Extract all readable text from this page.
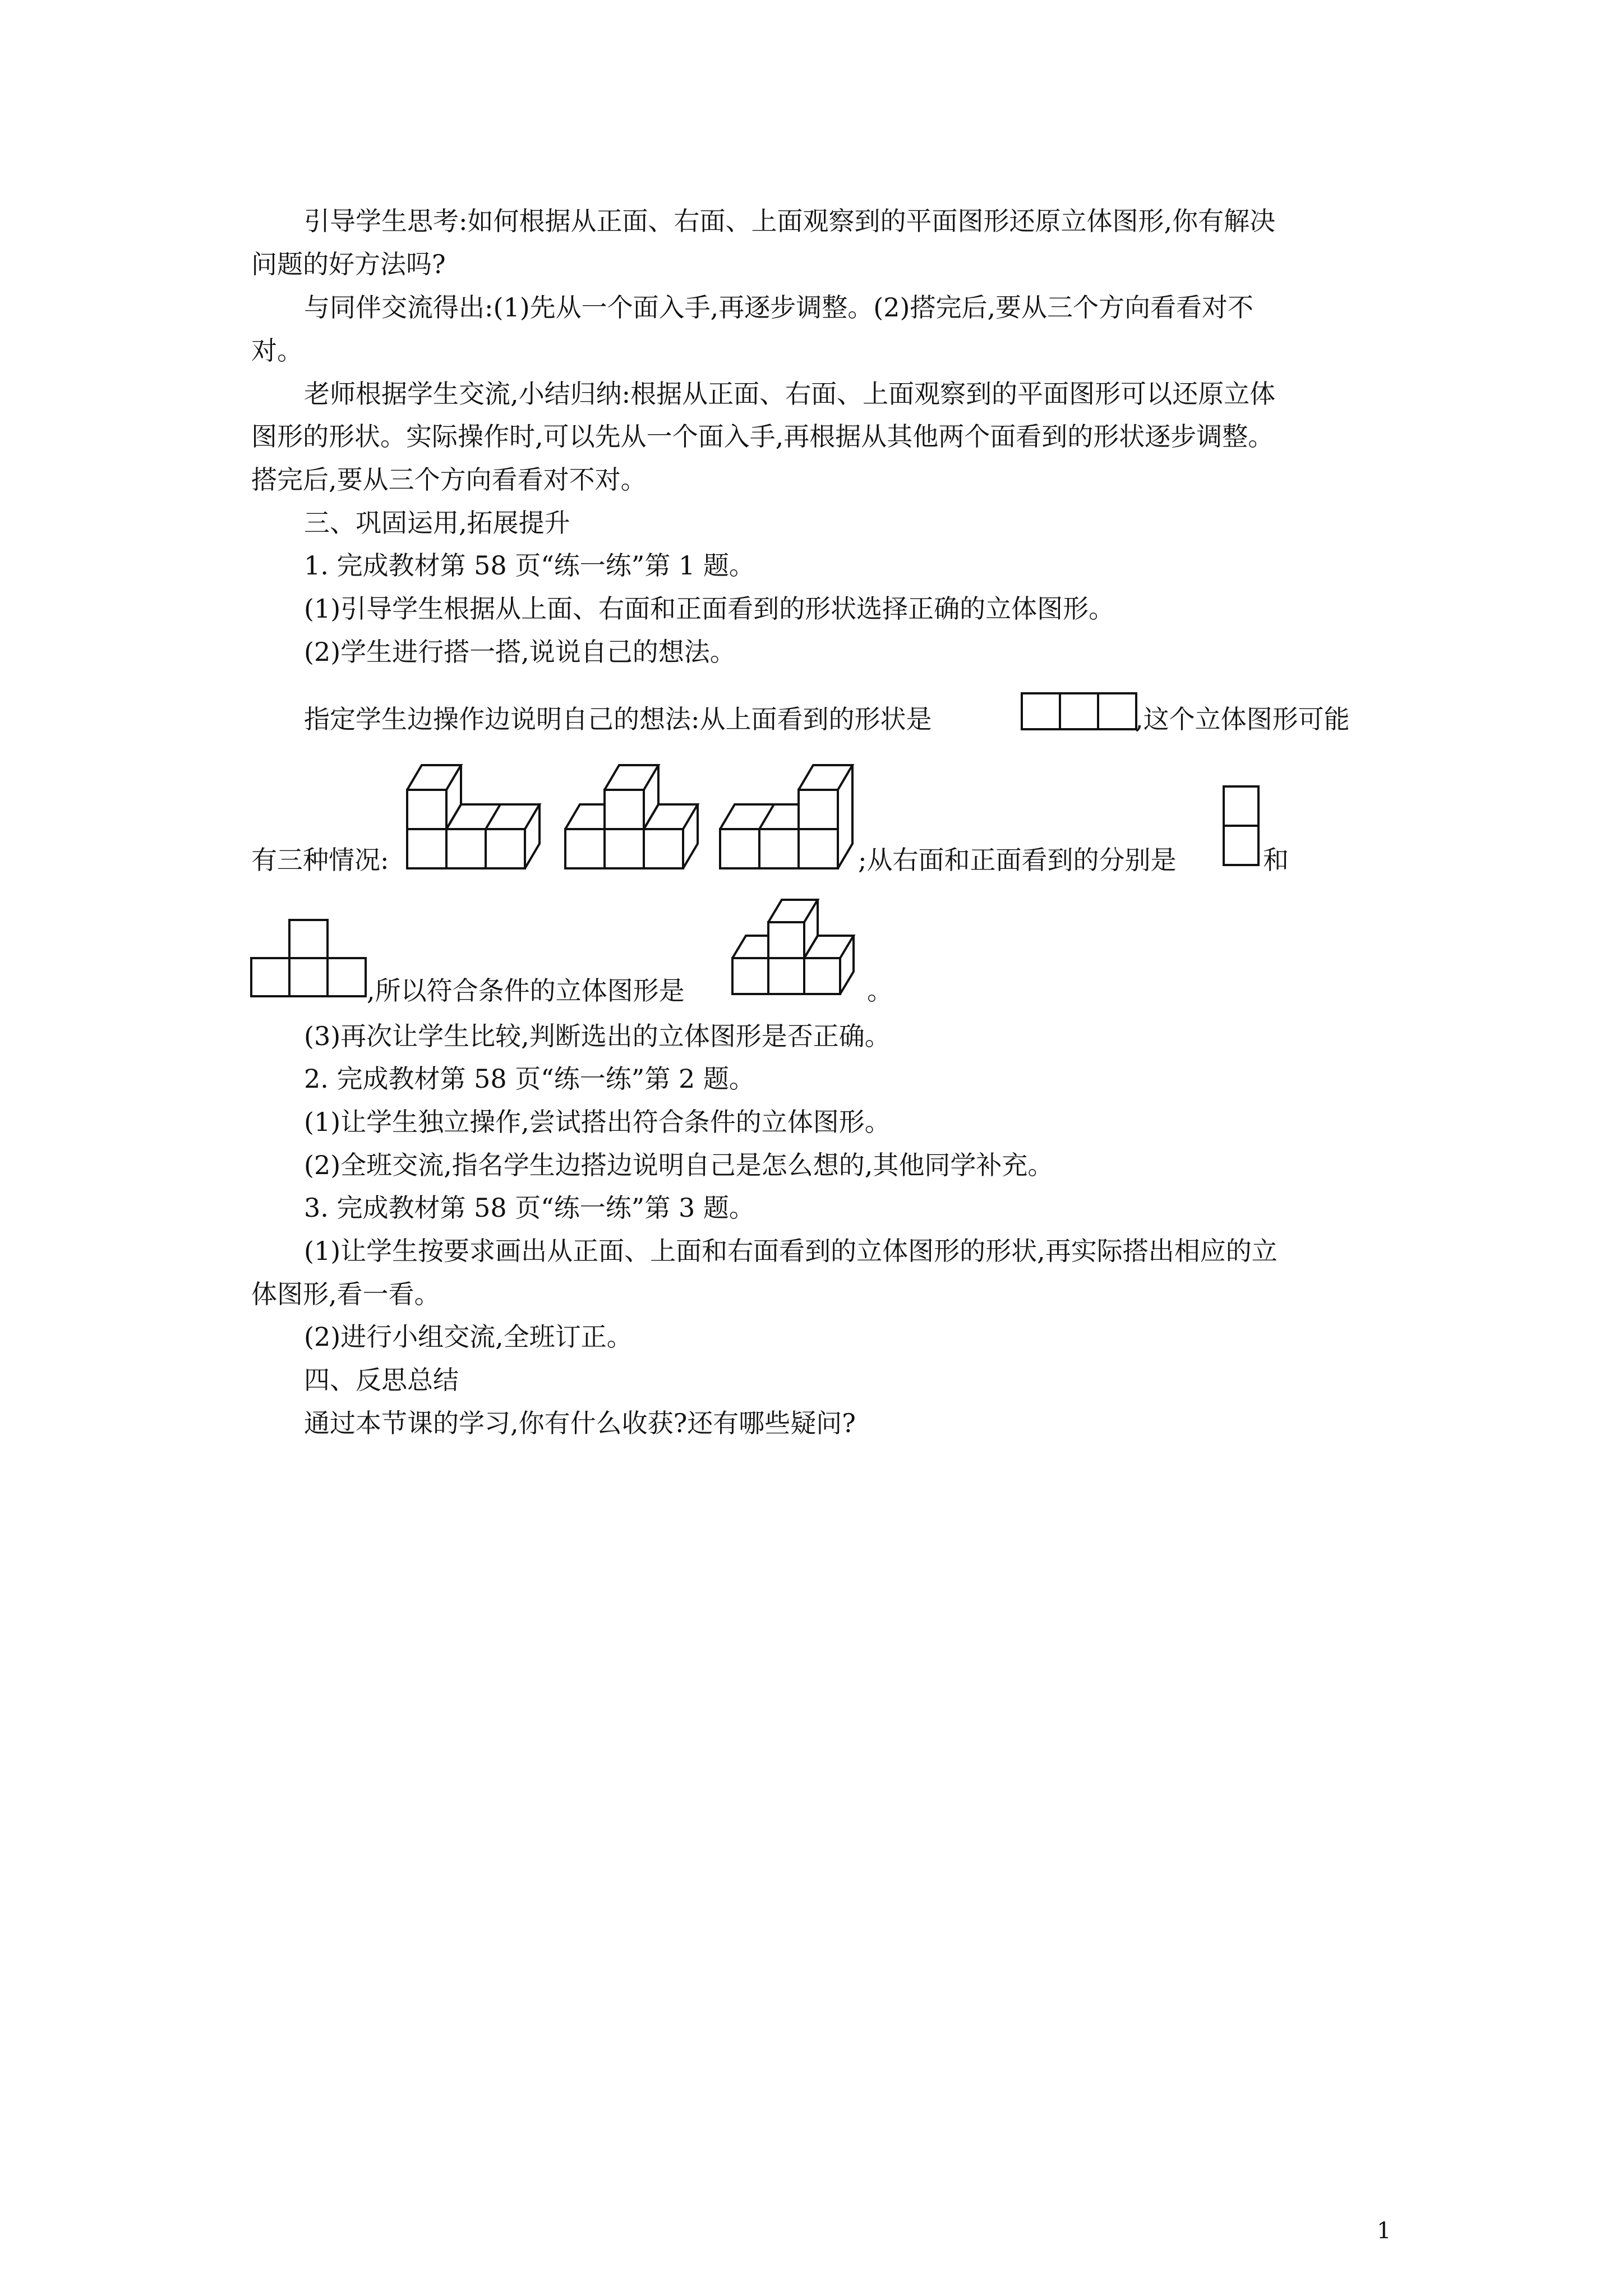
引导学生思考:如何根据从正面、右面、上面观察到的平面图形还原立体图形,你有解决
问题的好方法吗?
与同伴交流得出:(1)先从一个面入手,再逐步调整。(2)搭完后,要从三个方向看看对不
对。
老师根据学生交流,小结归纳:根据从正面、右面、上面观察到的平面图形可以还原立体
图形的形状。实际操作时,可以先从一个面入手,再根据从其他两个面看到的形状逐步调整。
搭完后,要从三个方向看看对不对。
三、巩固运用,拓展提升
1. 完成教材第 58 页“练一练”第 1 题。
(1)引导学生根据从上面、右面和正面看到的形状选择正确的立体图形。
(2)学生进行搭一搭,说说自己的想法。
指定学生边操作边说明自己的想法:从上面看到的形状是	,这个立体图形可能
有三种情况:	;从右面和正面看到的分别是	和
,所以符合条件的立体图形是	。
(3)再次让学生比较,判断选出的立体图形是否正确。
2. 完成教材第 58 页“练一练”第 2 题。
(1)让学生独立操作,尝试搭出符合条件的立体图形。
(2)全班交流,指名学生边搭边说明自己是怎么想的,其他同学补充。
3. 完成教材第 58 页“练一练”第 3 题。
(1)让学生按要求画出从正面、上面和右面看到的立体图形的形状,再实际搭出相应的立
体图形,看一看。
(2)进行小组交流,全班订正。
四、反思总结
通过本节课的学习,你有什么收获?还有哪些疑问?
1
